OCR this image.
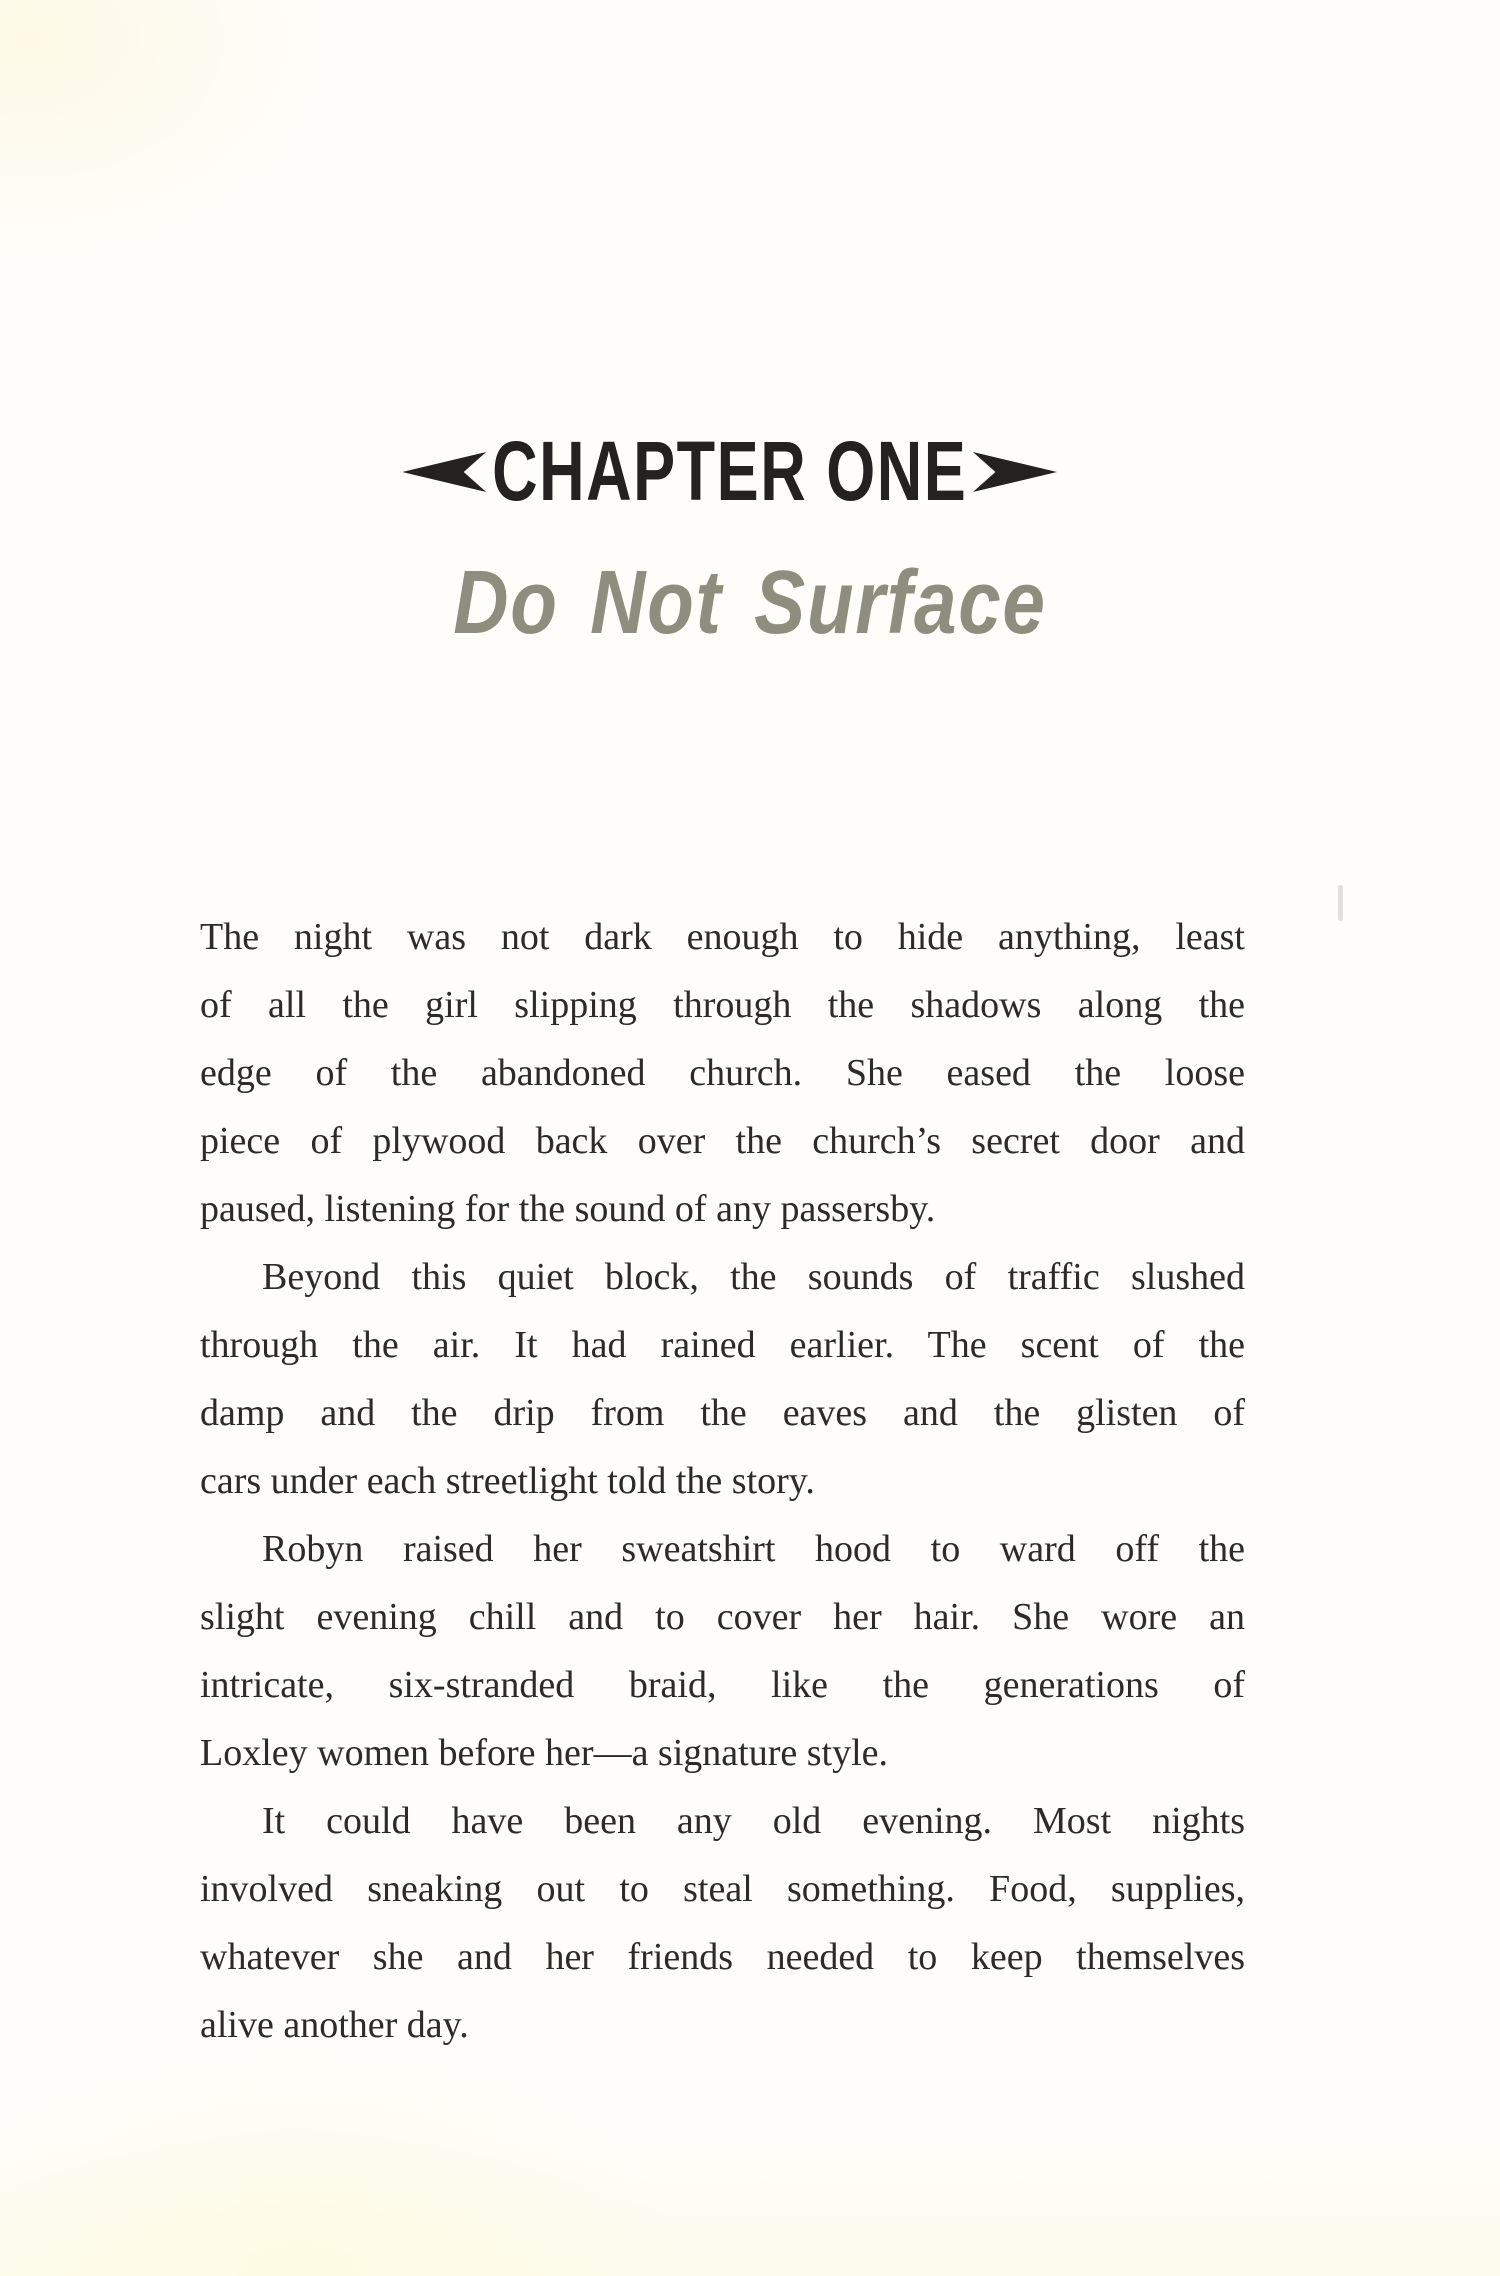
CHAPTER ONE
Do Not Surface
The night was not dark enough to hide anything, least
of all the girl slipping through the shadows along the
edge of the abandoned church. She eased the loose
piece of plywood back over the church’s secret door and
paused, listening for the sound of any passersby.
Beyond this quiet block, the sounds of traffic slushed
through the air. It had rained earlier. The scent of the
damp and the drip from the eaves and the glisten of
cars under each streetlight told the story.
Robyn raised her sweatshirt hood to ward off the
slight evening chill and to cover her hair. She wore an
intricate, six-stranded braid, like the generations of
Loxley women before her—a signature style.
It could have been any old evening. Most nights
involved sneaking out to steal something. Food, supplies,
whatever she and her friends needed to keep themselves
alive another day.
